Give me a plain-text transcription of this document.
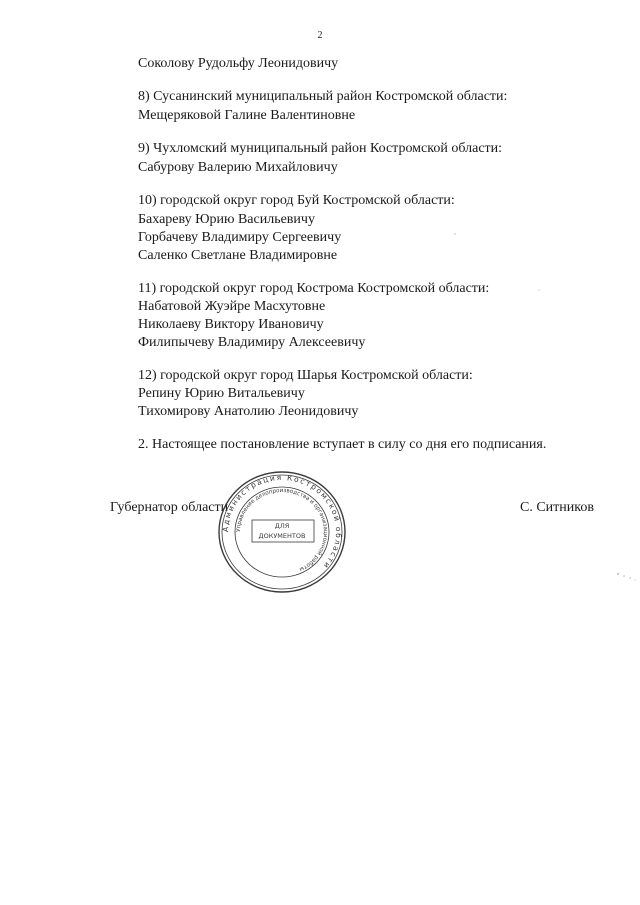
2
Соколову Рудольфу Леонидовичу
8) Сусанинский муниципальный район Костромской области:
Мещеряковой Галине Валентиновне
9) Чухломский муниципальный район Костромской области:
Сабурову Валерию Михайловичу
10) городской округ город Буй Костромской области:
Бахареву Юрию Васильевичу
Горбачеву Владимиру Сергеевичу
Саленко Светлане Владимировне
11) городской округ город Кострома Костромской области:
Набатовой Жуэйре Масхутовне
Николаеву Виктору Ивановичу
Филипычеву Владимиру Алексеевичу
12) городской округ город Шарья Костромской области:
Репину Юрию Витальевичу
Тихомирову Анатолию Леонидовичу
2. Настоящее постановление вступает в силу со дня его подписания.
Губернатор области	С. Ситников
Администрация Костромской области
Управление делопроизводства и организационной работы
ДЛЯ
ДОКУМЕНТОВ
